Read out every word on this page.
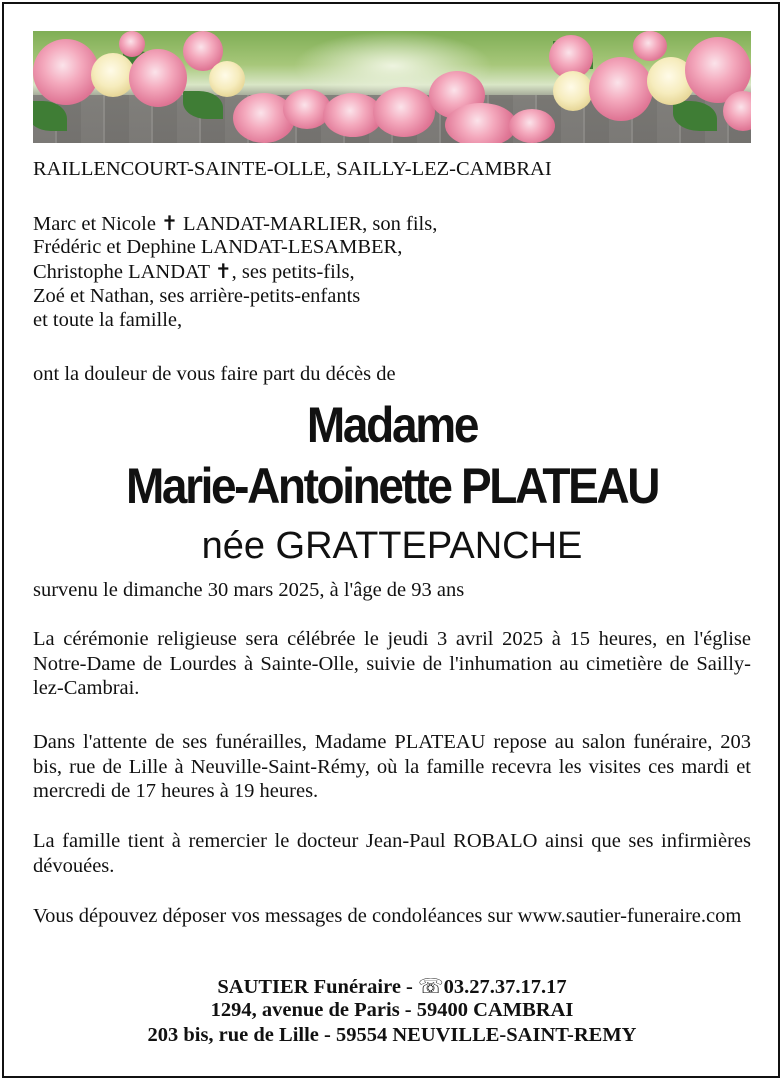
RAILLENCOURT-SAINTE-OLLE, SAILLY-LEZ-CAMBRAI
Marc et Nicole ✝ LANDAT-MARLIER, son fils,
Frédéric et Dephine LANDAT-LESAMBER,
Christophe LANDAT ✝, ses petits-fils,
Zoé et Nathan, ses arrière-petits-enfants
et toute la famille,
ont la douleur de vous faire part du décès de
Madame
Marie-Antoinette PLATEAU
née GRATTEPANCHE
survenu le dimanche 30 mars 2025, à l'âge de 93 ans
La cérémonie religieuse sera célébrée le jeudi 3 avril 2025 à 15 heures, en l'église Notre-Dame de Lourdes à Sainte-Olle, suivie de l'inhumation au cimetière de Sailly-lez-Cambrai.
Dans l'attente de ses funérailles, Madame PLATEAU repose au salon funéraire, 203 bis, rue de Lille à Neuville-Saint-Rémy, où la famille recevra les visites ces mardi et mercredi de 17 heures à 19 heures.
La famille tient à remercier le docteur Jean-Paul ROBALO ainsi que ses infirmières dévouées.
Vous dépouvez déposer vos messages de condoléances sur www.sautier-funeraire.com
SAUTIER Funéraire - ☏03.27.37.17.17
1294, avenue de Paris - 59400 CAMBRAI
203 bis, rue de Lille - 59554 NEUVILLE-SAINT-REMY
